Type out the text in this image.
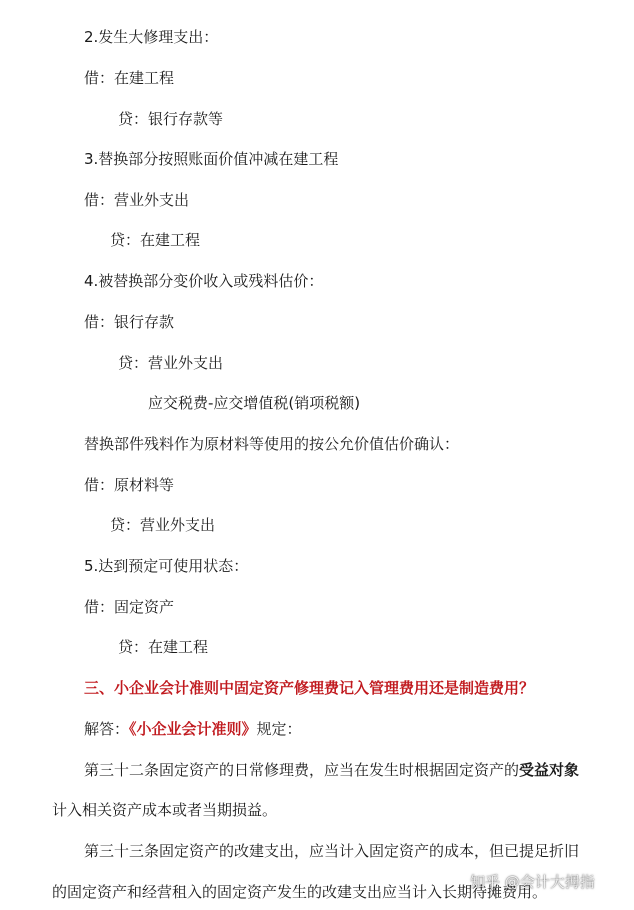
2.发生大修理支出：
借：在建工程
贷：银行存款等
3.替换部分按照账面价值冲减在建工程
借：营业外支出
贷：在建工程
4.被替换部分变价收入或残料估价：
借：银行存款
贷：营业外支出
应交税费-应交增值税(销项税额)
替换部件残料作为原材料等使用的按公允价值估价确认：
借：原材料等
贷：营业外支出
5.达到预定可使用状态：
借：固定资产
贷：在建工程
三、小企业会计准则中固定资产修理费记入管理费用还是制造费用？
解答：《小企业会计准则》规定：
第三十二条固定资产的日常修理费，应当在发生时根据固定资产的受益对象
计入相关资产成本或者当期损益。
第三十三条固定资产的改建支出，应当计入固定资产的成本，但已提足折旧
的固定资产和经营租入的固定资产发生的改建支出应当计入长期待摊费用。
知乎 @会计大拇指
